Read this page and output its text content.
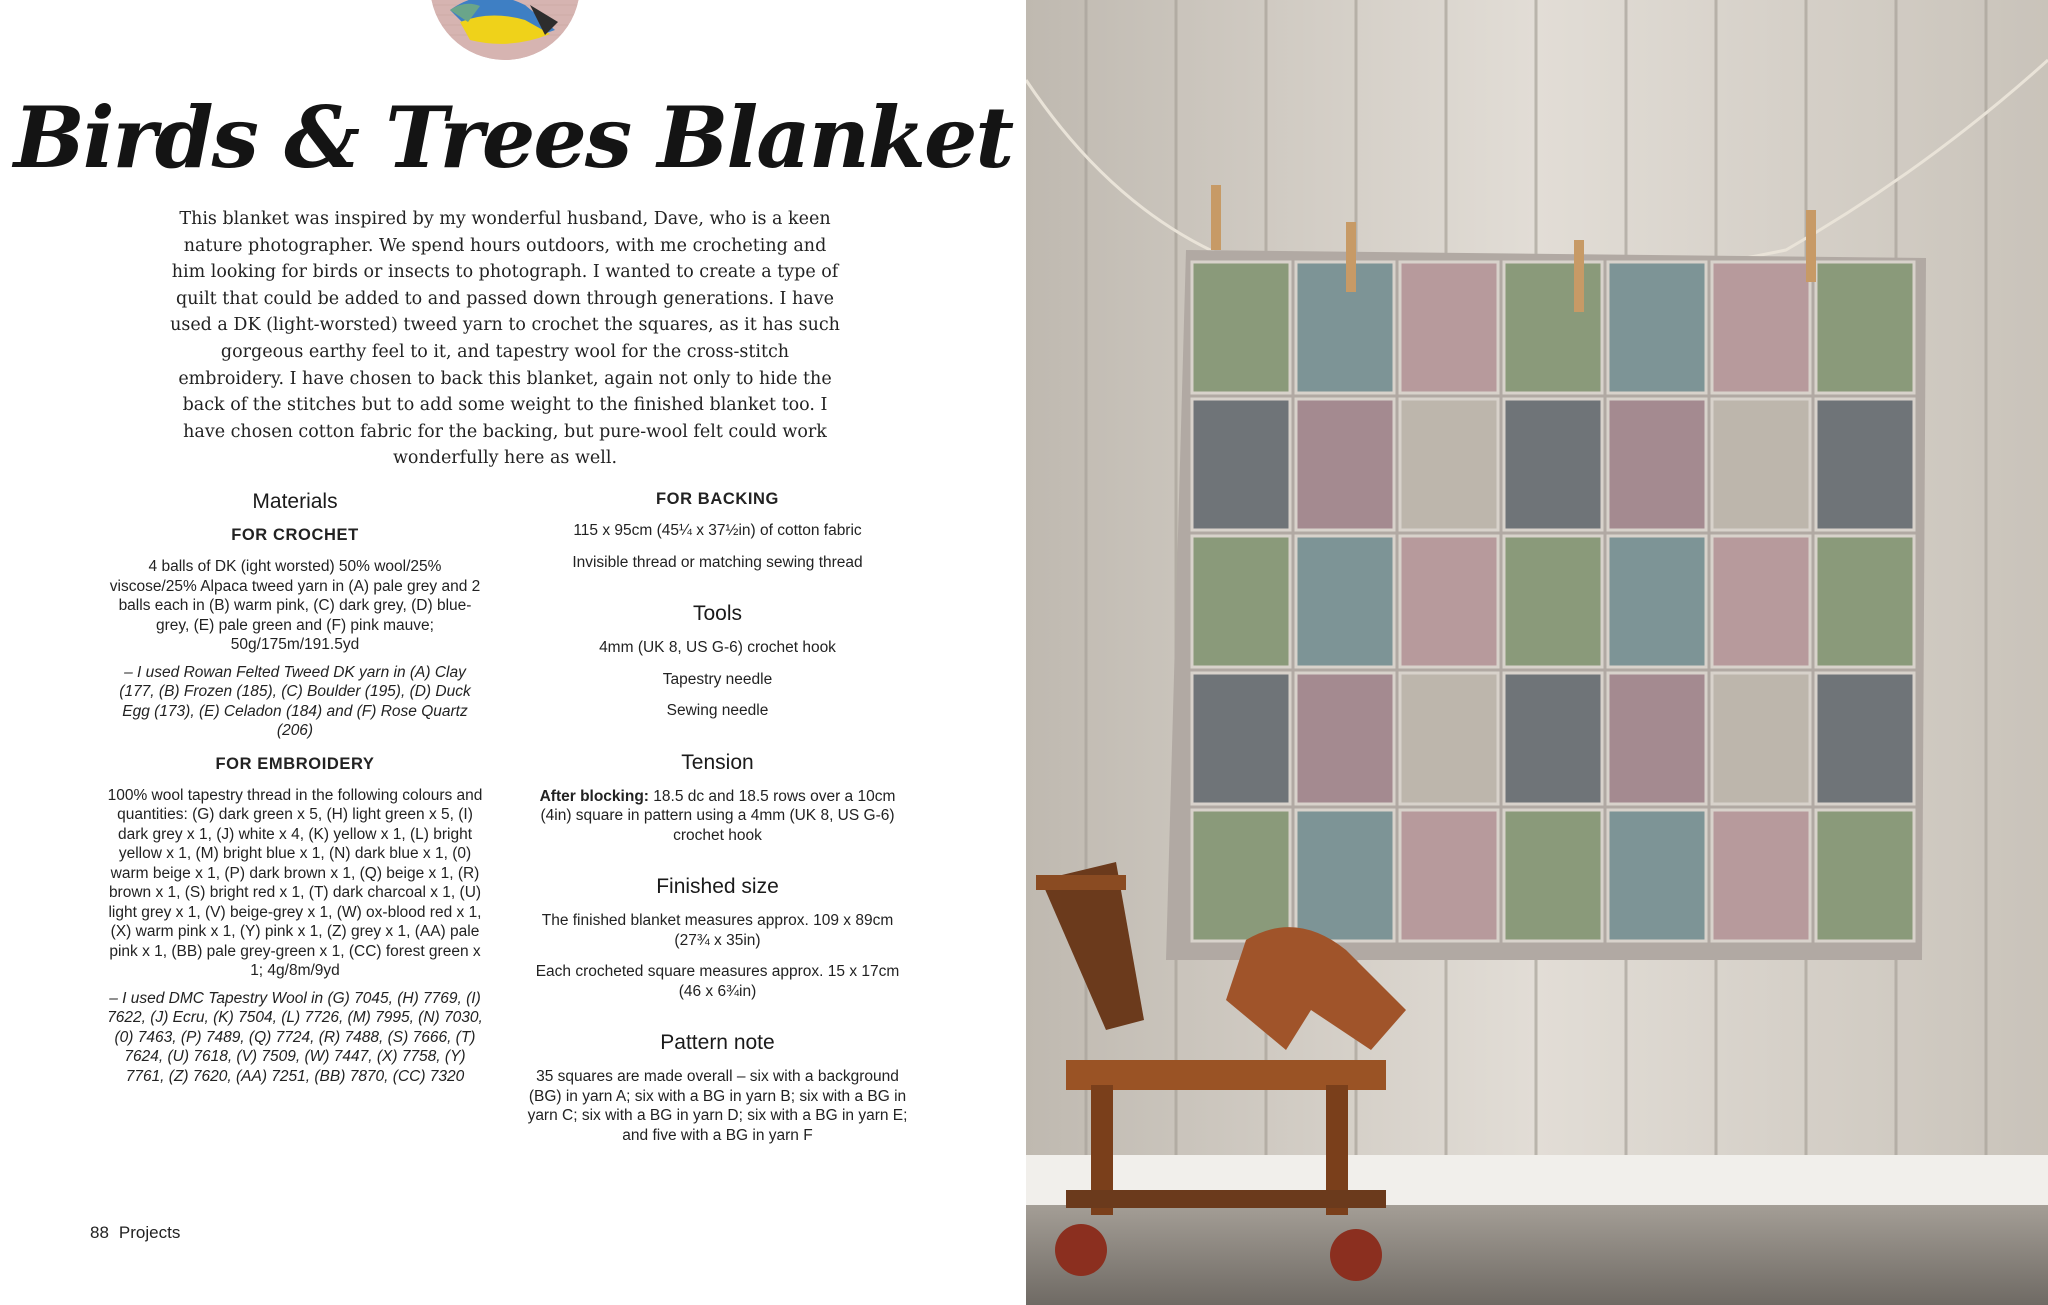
Birds & Trees Blanket

This blanket was inspired by my wonderful husband, Dave, who is a keen nature photographer. We spend hours outdoors, with me crocheting and him looking for birds or insects to photograph. I wanted to create a type of quilt that could be added to and passed down through generations. I have used a DK (light-worsted) tweed yarn to crochet the squares, as it has such gorgeous earthy feel to it, and tapestry wool for the cross-stitch embroidery. I have chosen to back this blanket, again not only to hide the back of the stitches but to add some weight to the finished blanket too. I have chosen cotton fabric for the backing, but pure-wool felt could work wonderfully here as well.

Materials
FOR CROCHET

4 balls of DK (ight worsted) 50% wool/25% viscose/25% Alpaca tweed yarn in (A) pale grey and 2 balls each in (B) warm pink, (C) dark grey, (D) blue-grey, (E) pale green and (F) pink mauve; 50g/175m/191.5yd

– I used Rowan Felted Tweed DK yarn in (A) Clay (177, (B) Frozen (185), (C) Boulder (195), (D) Duck Egg (173), (E) Celadon (184) and (F) Rose Quartz (206)

FOR EMBROIDERY

100% wool tapestry thread in the following colours and quantities: (G) dark green x 5, (H) light green x 5, (I) dark grey x 1, (J) white x 4, (K) yellow x 1, (L) bright yellow x 1, (M) bright blue x 1, (N) dark blue x 1, (0) warm beige x 1, (P) dark brown x 1, (Q) beige x 1, (R) brown x 1, (S) bright red x 1, (T) dark charcoal x 1, (U) light grey x 1, (V) beige-grey x 1, (W) ox-blood red x 1, (X) warm pink x 1, (Y) pink x 1, (Z) grey x 1, (AA) pale pink x 1, (BB) pale grey-green x 1, (CC) forest green x 1; 4g/8m/9yd

– I used DMC Tapestry Wool in (G) 7045, (H) 7769, (I) 7622, (J) Ecru, (K) 7504, (L) 7726, (M) 7995, (N) 7030, (0) 7463, (P) 7489, (Q) 7724, (R) 7488, (S) 7666, (T) 7624, (U) 7618, (V) 7509, (W) 7447, (X) 7758, (Y) 7761, (Z) 7620, (AA) 7251, (BB) 7870, (CC) 7320

FOR BACKING

115 x 95cm (45¼ x 37½in) of cotton fabric

Invisible thread or matching sewing thread

Tools

4mm (UK 8, US G-6) crochet hook

Tapestry needle

Sewing needle

Tension

After blocking: 18.5 dc and 18.5 rows over a 10cm (4in) square in pattern using a 4mm (UK 8, US G-6) crochet hook

Finished size

The finished blanket measures approx. 109 x 89cm (27¾ x 35in)

Each crocheted square measures approx. 15 x 17cm (46 x 6¾in)

Pattern note

35 squares are made overall – six with a background (BG) in yarn A; six with a BG in yarn B; six with a BG in yarn C; six with a BG in yarn D; six with a BG in yarn E; and five with a BG in yarn F

88 Projects
